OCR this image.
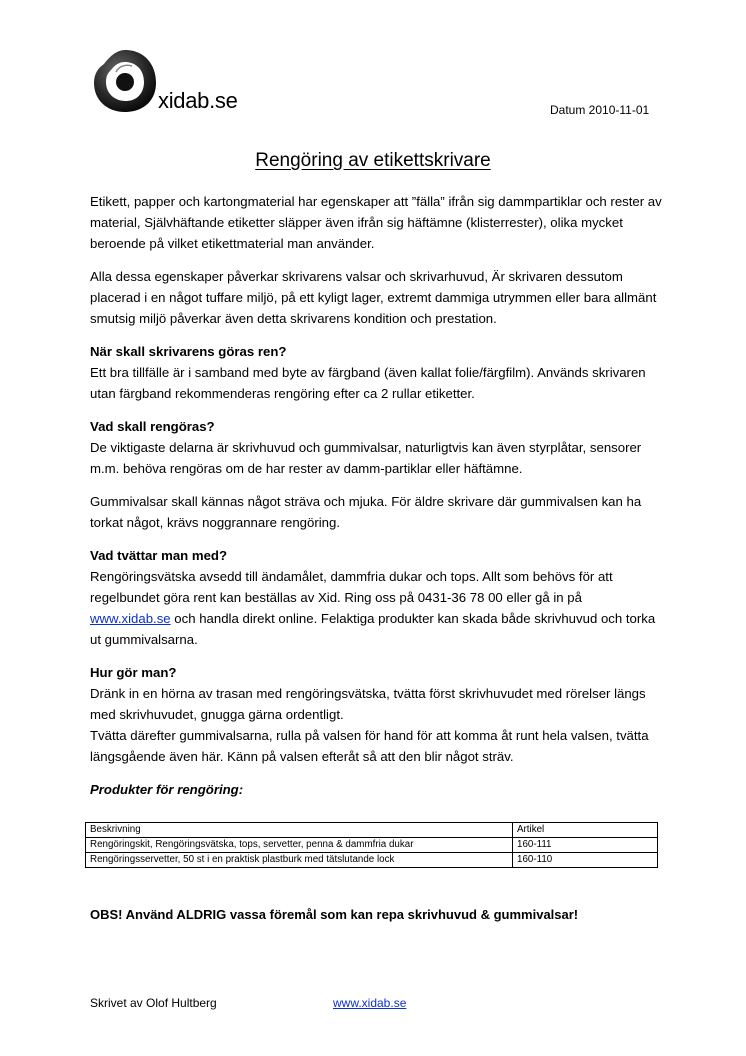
xidab.se	Datum 2010-11-01
Rengöring av etikettskrivare

Etikett, papper och kartongmaterial har egenskaper att ”fälla” ifrån sig dammpartiklar och rester av material, Självhäftande etiketter släpper även ifrån sig häftämne (klisterrester), olika mycket beroende på vilket etikettmaterial man använder.

Alla dessa egenskaper påverkar skrivarens valsar och skrivarhuvud, Är skrivaren dessutom placerad i en något tuffare miljö, på ett kyligt lager, extremt dammiga utrymmen eller bara allmänt smutsig miljö påverkar även detta skrivarens kondition och prestation.

När skall skrivarens göras ren?
Ett bra tillfälle är i samband med byte av färgband (även kallat folie/färgfilm). Används skrivaren utan färgband rekommenderas rengöring efter ca 2 rullar etiketter.

Vad skall rengöras?
De viktigaste delarna är skrivhuvud och gummivalsar, naturligtvis kan även styrplåtar, sensorer m.m. behöva rengöras om de har rester av damm-partiklar eller häftämne.

Gummivalsar skall kännas något sträva och mjuka. För äldre skrivare där gummivalsen kan ha torkat något, krävs noggrannare rengöring.

Vad tvättar man med?
Rengöringsvätska avsedd till ändamålet, dammfria dukar och tops. Allt som behövs för att regelbundet göra rent kan beställas av Xid. Ring oss på 0431-36 78 00 eller gå in på www.xidab.se och handla direkt online. Felaktiga produkter kan skada både skrivhuvud och torka ut gummivalsarna.

Hur gör man?
Dränk in en hörna av trasan med rengöringsvätska, tvätta först skrivhuvudet med rörelser längs med skrivhuvudet, gnugga gärna ordentligt.
Tvätta därefter gummivalsarna, rulla på valsen för hand för att komma åt runt hela valsen, tvätta längsgående även här. Känn på valsen efteråt så att den blir något sträv.

Produkter för rengöring:

Beskrivning	Artikel
Rengöringskit, Rengöringsvätska, tops, servetter, penna & dammfria dukar	160-111
Rengöringsservetter, 50 st i en praktisk plastburk med tätslutande lock	160-110
OBS! Använd ALDRIG vassa föremål som kan repa skrivhuvud & gummivalsar!
Skrivet av Olof Hultberg	www.xidab.se
